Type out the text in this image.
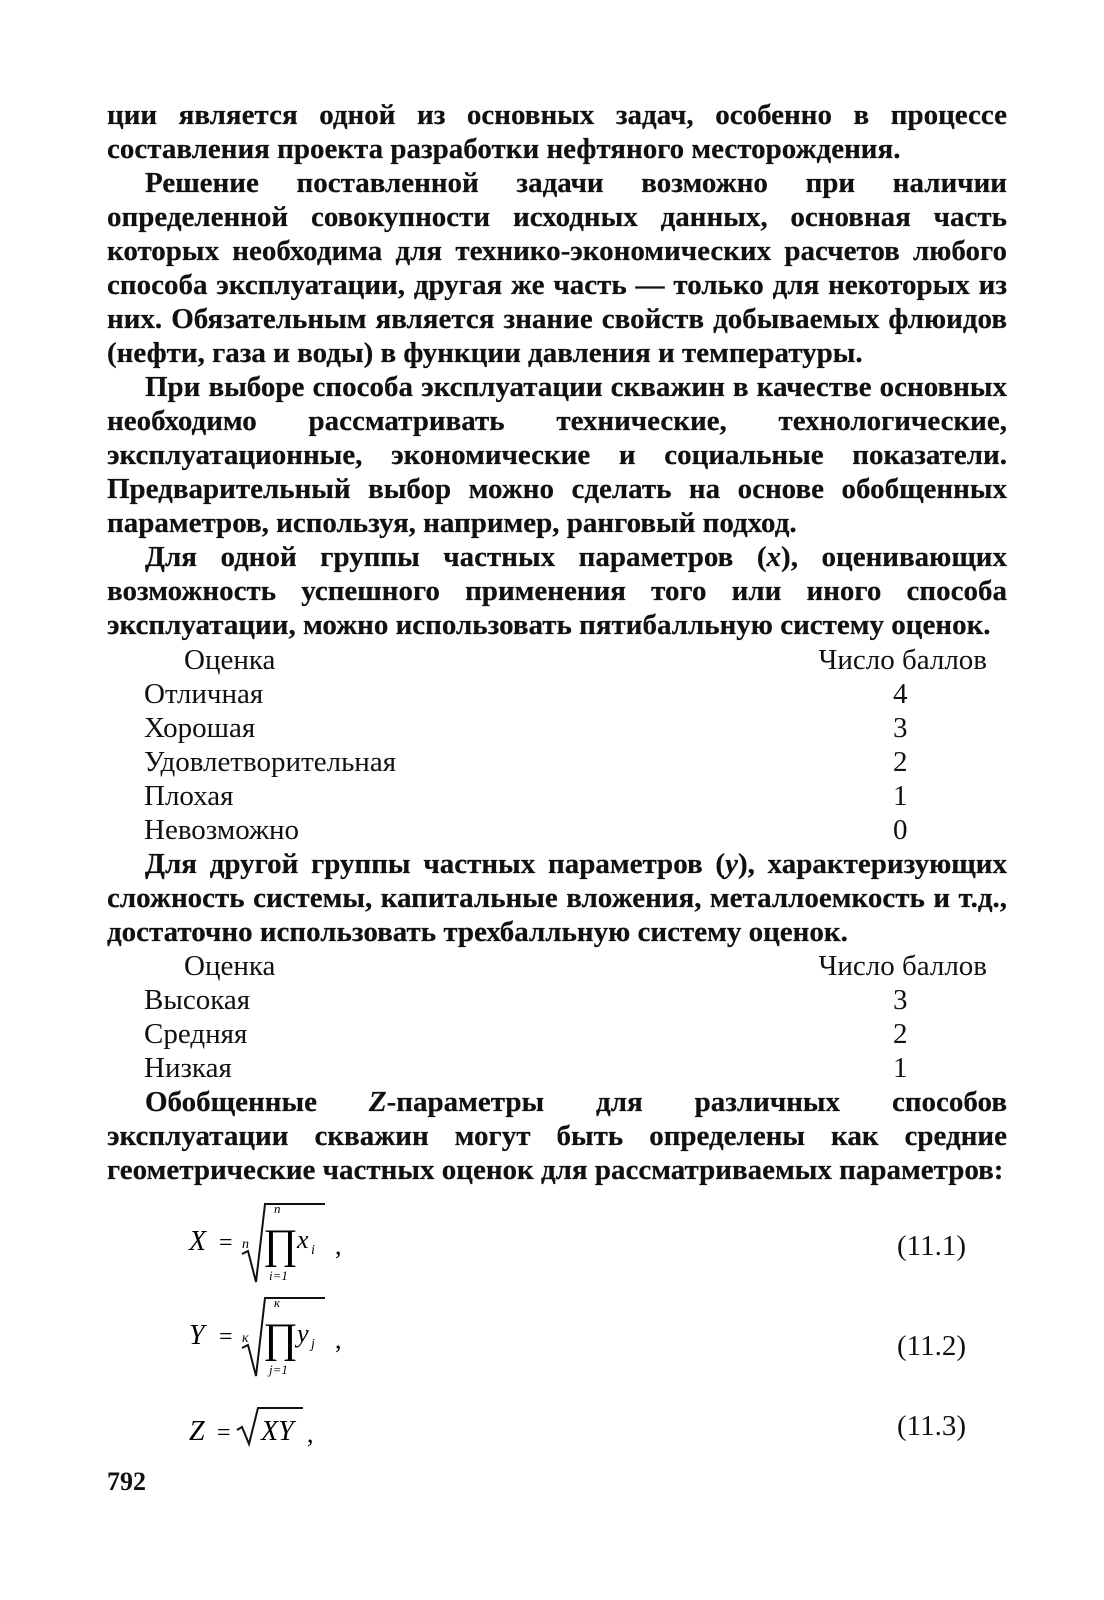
ции является одной из основных задач, особенно в процессе составления проекта разработки нефтяного месторождения.

Решение поставленной задачи возможно при наличии определенной совокупности исходных данных, основная часть которых необходима для технико-экономических расчетов любого способа эксплуатации, другая же часть — только для некоторых из них. Обязательным является знание свойств добываемых флюидов (нефти, газа и воды) в функции давления и температуры.

При выборе способа эксплуатации скважин в качестве основных необходимо рассматривать технические, технологические, эксплуатационные, экономические и социальные показатели. Предварительный выбор можно сделать на основе обобщенных параметров, используя, например, ранговый подход.

Для одной группы частных параметров (x), оценивающих возможность успешного применения того или иного способа эксплуатации, можно использовать пятибалльную систему оценок.

Оценка	Число баллов
Отличная	4
Хорошая	3
Удовлетворительная	2
Плохая	1
Невозможно	0

Для другой группы частных параметров (y), характеризующих сложность системы, капитальные вложения, металлоемкость и т.д., достаточно использовать трехбалльную систему оценок.

Оценка	Число баллов
Высокая	3
Средняя	2
Низкая	1

Обобщенные Z-параметры для различных способов эксплуатации скважин могут быть определены как средние геометрические частных оценок для рассматриваемых параметров:

X = n
n
∏
i=1
x i ,	(11.1)
Y = к
к
∏
j=1
y j ,	(11.2)
Z = XY ,	(11.3)
792
